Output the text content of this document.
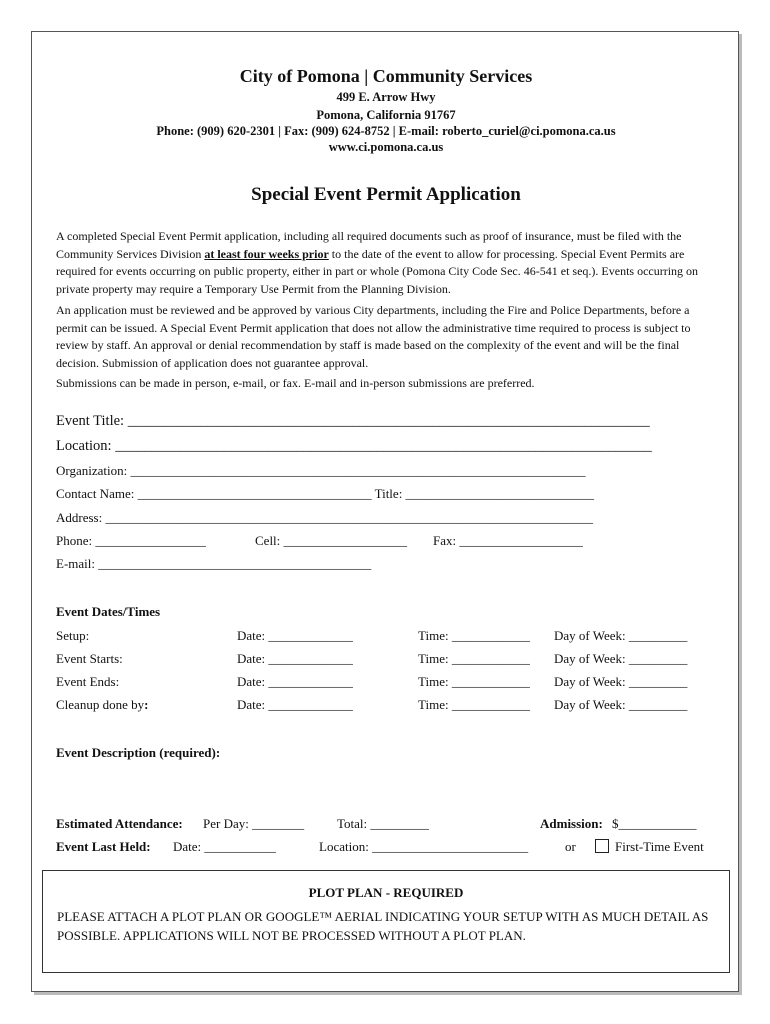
City of Pomona | Community Services
499 E. Arrow Hwy
Pomona, California 91767
Phone: (909) 620-2301 | Fax: (909) 624-8752 | E-mail: roberto_curiel@ci.pomona.ca.us
www.ci.pomona.ca.us
Special Event Permit Application
A completed Special Event Permit application, including all required documents such as proof of insurance, must be filed with the Community Services Division at least four weeks prior to the date of the event to allow for processing. Special Event Permits are required for events occurring on public property, either in part or whole (Pomona City Code Sec. 46-541 et seq.). Events occurring on private property may require a Temporary Use Permit from the Planning Division.
An application must be reviewed and be approved by various City departments, including the Fire and Police Departments, before a permit can be issued. A Special Event Permit application that does not allow the administrative time required to process is subject to review by staff. An approval or denial recommendation by staff is made based on the complexity of the event and will be the final decision. Submission of application does not guarantee approval.
Submissions can be made in person, e-mail, or fax. E-mail and in-person submissions are preferred.
Event Title: ________________________________________________________________________
Location: __________________________________________________________________________
Organization: ______________________________________________________________________
Contact Name: ____________________________________ Title: _____________________________
Address: ___________________________________________________________________________
Phone: _________________	Cell: ___________________ Fax: ___________________
E-mail: __________________________________________
Event Dates/Times
Setup:	Date: _____________	Time: ____________ Day of Week: _________
Event Starts:	Date: _____________	Time: ____________ Day of Week: _________
Event Ends:	Date: _____________	Time: ____________ Day of Week: _________
Cleanup done by:	Date: _____________	Time: ____________ Day of Week: _________
Event Description (required):
Estimated Attendance: Per Day: ________	Total: _________	Admission: $____________
Event Last Held: Date: ___________	Location: ________________________	or	First-Time Event
PLOT PLAN - REQUIRED
PLEASE ATTACH A PLOT PLAN OR GOOGLE™ AERIAL INDICATING YOUR SETUP WITH AS MUCH DETAIL AS POSSIBLE. APPLICATIONS WILL NOT BE PROCESSED WITHOUT A PLOT PLAN.
